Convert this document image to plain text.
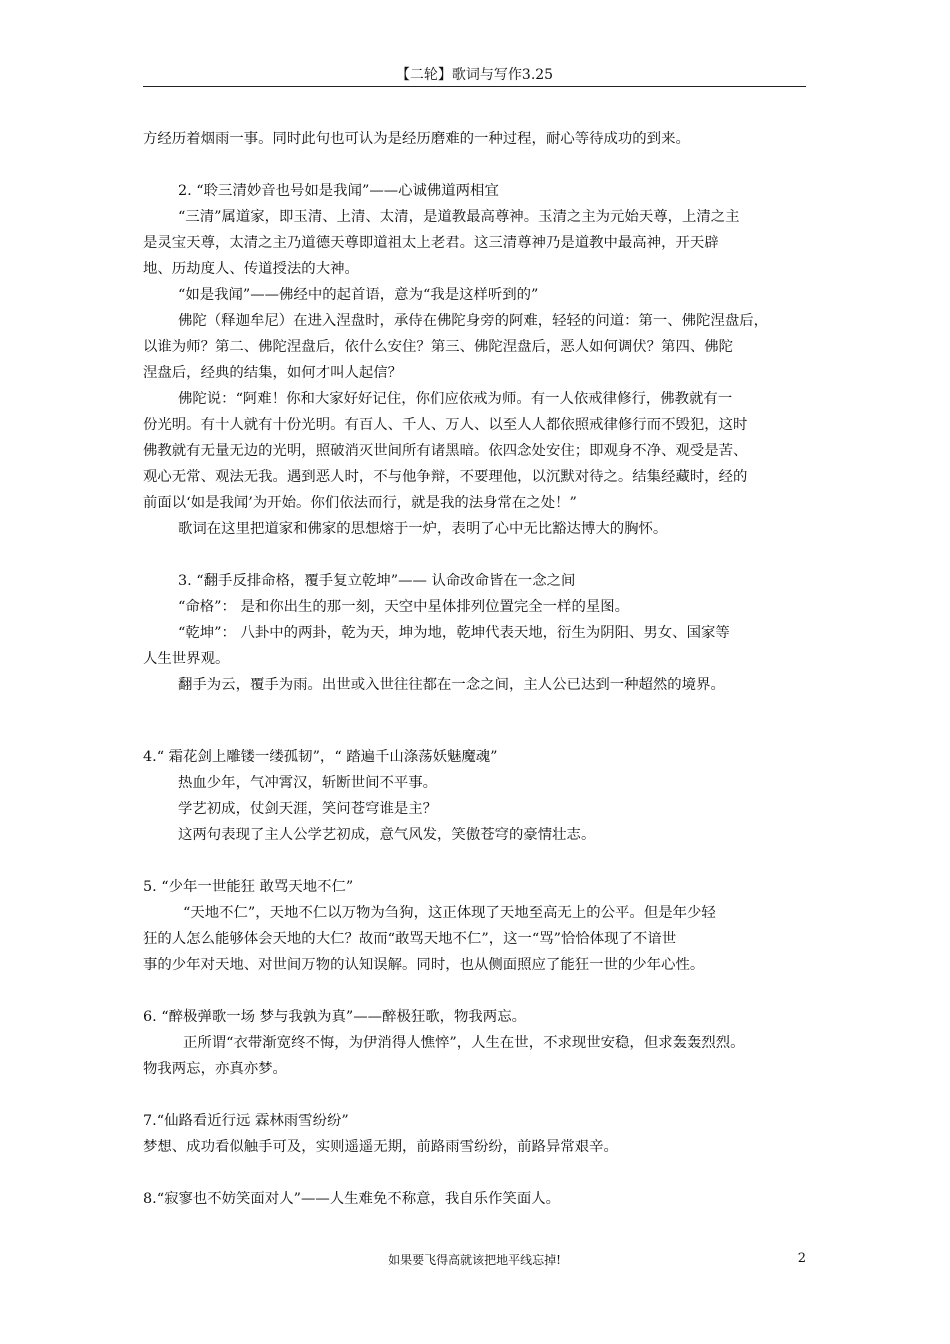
【二轮】歌词与写作3.25

方经历着烟雨一事。同时此句也可认为是经历磨难的一种过程，耐心等待成功的到来。

2. “聆三清妙音也号如是我闻”——心诚佛道两相宜

“三清”属道家，即玉清、上清、太清，是道教最高尊神。玉清之主为元始天尊，上清之主

是灵宝天尊，太清之主乃道德天尊即道祖太上老君。这三清尊神乃是道教中最高神，开天辟

地、历劫度人、传道授法的大神。

“如是我闻”——佛经中的起首语，意为“我是这样听到的”

佛陀（释迦牟尼）在进入涅盘时，承侍在佛陀身旁的阿难，轻轻的问道：第一、佛陀涅盘后，

以谁为师？第二、佛陀涅盘后，依什么安住？第三、佛陀涅盘后，恶人如何调伏？第四、佛陀

涅盘后，经典的结集，如何才叫人起信？

佛陀说：“阿难！你和大家好好记住，你们应依戒为师。有一人依戒律修行，佛教就有一

份光明。有十人就有十份光明。有百人、千人、万人、以至人人都依照戒律修行而不毁犯，这时

佛教就有无量无边的光明，照破消灭世间所有诸黑暗。依四念处安住；即观身不净、观受是苦、

观心无常、观法无我。遇到恶人时，不与他争辩，不要理他，以沉默对待之。结集经藏时，经的

前面以‘如是我闻’为开始。你们依法而行，就是我的法身常在之处！”

歌词在这里把道家和佛家的思想熔于一炉，表明了心中无比豁达博大的胸怀。

3. “翻手反排命格，覆手复立乾坤”—— 认命改命皆在一念之间

“命格”： 是和你出生的那一刻，天空中星体排列位置完全一样的星图。

“乾坤”： 八卦中的两卦，乾为天，坤为地，乾坤代表天地，衍生为阴阳、男女、国家等

人生世界观。

翻手为云，覆手为雨。出世或入世往往都在一念之间，主人公已达到一种超然的境界。

4.“ 霜花剑上雕镂一缕孤韧”，“ 踏遍千山涤荡妖魅魔魂”

热血少年，气冲霄汉，斩断世间不平事。

学艺初成，仗剑天涯，笑问苍穹谁是主？

这两句表现了主人公学艺初成，意气风发，笑傲苍穹的豪情壮志。

5. “少年一世能狂 敢骂天地不仁”

“天地不仁”，天地不仁以万物为刍狗，这正体现了天地至高无上的公平。但是年少轻

狂的人怎么能够体会天地的大仁？故而“敢骂天地不仁”，这一“骂”恰恰体现了不谙世

事的少年对天地、对世间万物的认知误解。同时，也从侧面照应了能狂一世的少年心性。

6. “醉极弹歌一场 梦与我孰为真”——醉极狂歌，物我两忘。

正所谓“衣带渐宽终不悔，为伊消得人憔悴”，人生在世，不求现世安稳，但求轰轰烈烈。

物我两忘，亦真亦梦。

7.“仙路看近行远 霖林雨雪纷纷”

梦想、成功看似触手可及，实则遥遥无期，前路雨雪纷纷，前路异常艰辛。

8.“寂寥也不妨笑面对人”——人生难免不称意，我自乐作笑面人。

如果要飞得高就该把地平线忘掉!	2
